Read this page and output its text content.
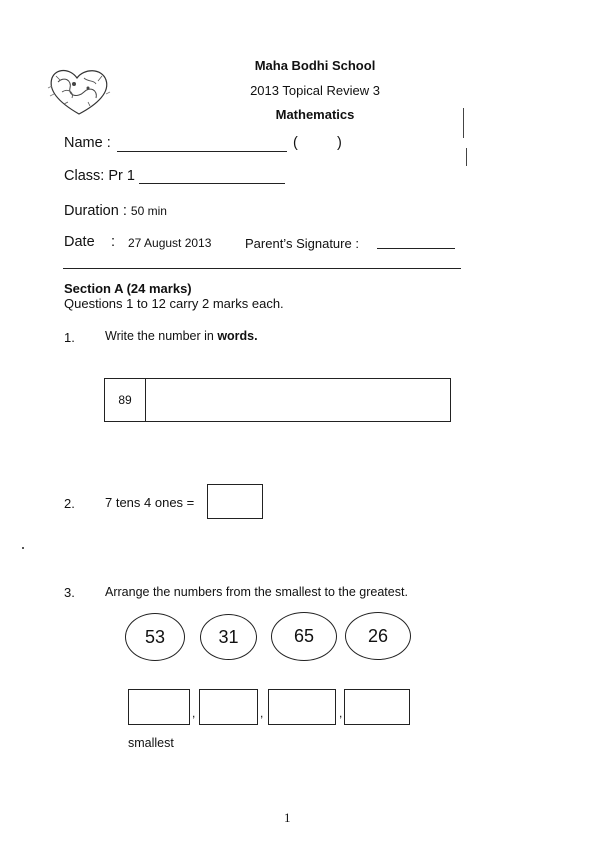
Maha Bodhi School
2013 Topical Review 3
Mathematics
Name :	(	)
Class: Pr 1
Duration : 50 min
Date : 27 August 2013	Parent’s Signature :
Section A (24 marks)
Questions 1 to 12 carry 2 marks each.
1. Write the number in words.
89
2. 7 tens 4 ones =
3. Arrange the numbers from the smallest to the greatest.
53	31	65	26
,	,	,
smallest
1
